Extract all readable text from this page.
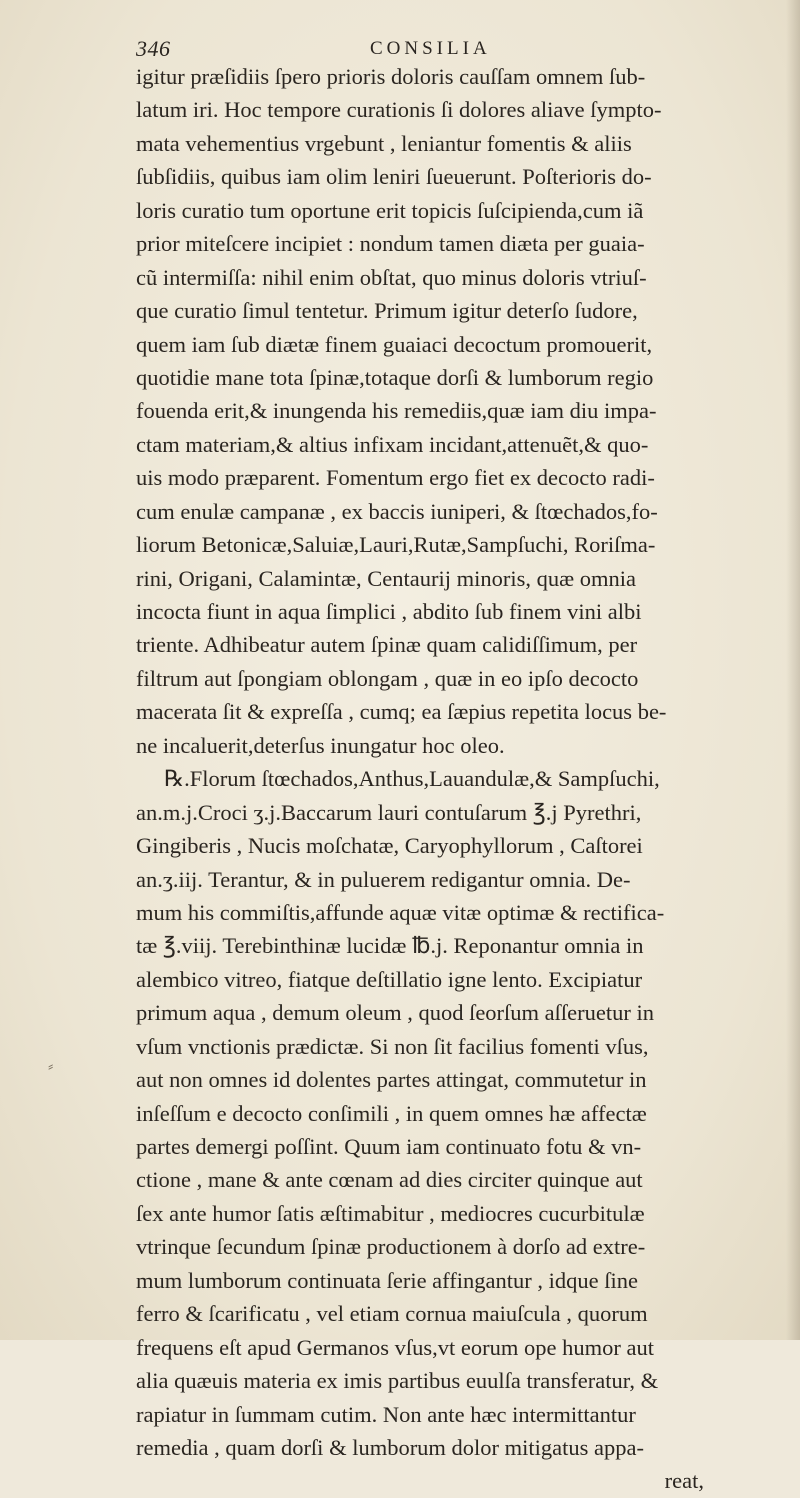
346	CONSILIA
⸗
igitur præſidiis ſpero prioris doloris cauſſam omnem ſub-
latum iri. Hoc tempore curationis ſi dolores aliave ſympto-
mata vehementius vrgebunt , leniantur fomentis & aliis
ſubſidiis, quibus iam olim leniri ſueuerunt. Poſterioris do-
loris curatio tum oportune erit topicis ſuſcipienda,cum iã
prior miteſcere incipiet : nondum tamen diæta per guaia-
cũ intermiſſa: nihil enim obſtat, quo minus doloris vtriuſ-
que curatio ſimul tentetur. Primum igitur deterſo ſudore,
quem iam ſub diætæ finem guaiaci decoctum promouerit,
quotidie mane tota ſpinæ,totaque dorſi & lumborum regio
fouenda erit,& inungenda his remediis,quæ iam diu impa-
ctam materiam,& altius infixam incidant,attenuẽt,& quo-
uis modo præparent. Fomentum ergo fiet ex decocto radi-
cum enulæ campanæ , ex baccis iuniperi, & ſtœchados,fo-
liorum Betonicæ,Saluiæ,Lauri,Rutæ,Sampſuchi, Roriſma-
rini, Origani, Calamintæ, Centaurij minoris, quæ omnia
incocta fiunt in aqua ſimplici , abdito ſub finem vini albi
triente. Adhibeatur autem ſpinæ quam calidiſſimum, per
filtrum aut ſpongiam oblongam , quæ in eo ipſo decocto
macerata ſit & expreſſa , cumq; ea ſæpius repetita locus be-
ne incaluerit,deterſus inungatur hoc oleo.
℞.Florum ſtœchados,Anthus,Lauandulæ,& Sampſuchi,
an.m.j.Croci ʒ.j.Baccarum lauri contuſarum ℥.j Pyrethri,
Gingiberis , Nucis moſchatæ, Caryophyllorum , Caſtorei
an.ʒ.iij. Terantur, & in puluerem redigantur omnia. De-
mum his commiſtis,affunde aquæ vitæ optimæ & rectifica-
tæ ℥.viij. Terebinthinæ lucidæ ℔.j. Reponantur omnia in
alembico vitreo, fiatque deſtillatio igne lento. Excipiatur
primum aqua , demum oleum , quod ſeorſum aſſeruetur in
vſum vnctionis prædictæ. Si non ſit facilius fomenti vſus,
aut non omnes id dolentes partes attingat, commutetur in
inſeſſum e decocto conſimili , in quem omnes hæ affectæ
partes demergi poſſint. Quum iam continuato fotu & vn-
ctione , mane & ante cœnam ad dies circiter quinque aut
ſex ante humor ſatis æſtimabitur , mediocres cucurbitulæ
vtrinque ſecundum ſpinæ productionem à dorſo ad extre-
mum lumborum continuata ſerie affingantur , idque ſine
ferro & ſcarificatu , vel etiam cornua maiuſcula , quorum
frequens eſt apud Germanos vſus,vt eorum ope humor aut
alia quæuis materia ex imis partibus euulſa transferatur, &
rapiatur in ſummam cutim. Non ante hæc intermittantur
remedia , quam dorſi & lumborum dolor mitigatus appa-
reat,
